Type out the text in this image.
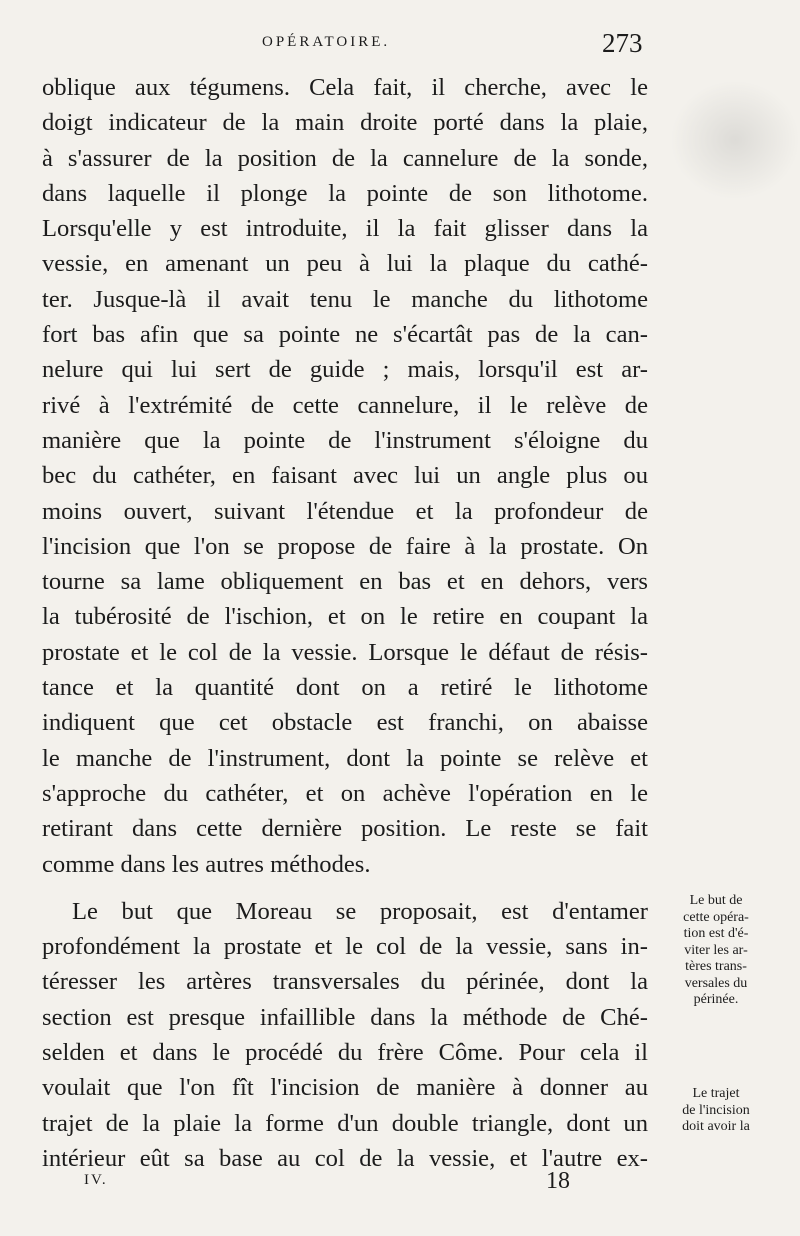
OPÉRATOIRE.	273
oblique aux tégumens. Cela fait, il cherche, avec le
doigt indicateur de la main droite porté dans la plaie,
à s'assurer de la position de la cannelure de la sonde,
dans laquelle il plonge la pointe de son lithotome.
Lorsqu'elle y est introduite, il la fait glisser dans la
vessie, en amenant un peu à lui la plaque du cathé-
ter. Jusque-là il avait tenu le manche du lithotome
fort bas afin que sa pointe ne s'écartât pas de la can-
nelure qui lui sert de guide ; mais, lorsqu'il est ar-
rivé à l'extrémité de cette cannelure, il le relève de
manière que la pointe de l'instrument s'éloigne du
bec du cathéter, en faisant avec lui un angle plus ou
moins ouvert, suivant l'étendue et la profondeur de
l'incision que l'on se propose de faire à la prostate. On
tourne sa lame obliquement en bas et en dehors, vers
la tubérosité de l'ischion, et on le retire en coupant la
prostate et le col de la vessie. Lorsque le défaut de résis-
tance et la quantité dont on a retiré le lithotome
indiquent que cet obstacle est franchi, on abaisse
le manche de l'instrument, dont la pointe se relève et
s'approche du cathéter, et on achève l'opération en le
retirant dans cette dernière position. Le reste se fait
comme dans les autres méthodes.
Le but que Moreau se proposait, est d'entamer
profondément la prostate et le col de la vessie, sans in-
téresser les artères transversales du périnée, dont la
section est presque infaillible dans la méthode de Ché-
selden et dans le procédé du frère Côme. Pour cela il
voulait que l'on fît l'incision de manière à donner au
trajet de la plaie la forme d'un double triangle, dont un
intérieur eût sa base au col de la vessie, et l'autre ex-
Le but de
cette opéra-
tion est d'é-
viter les ar-
tères trans-
versales du
périnée.
Le trajet
de l'incision
doit avoir la
IV.	18
